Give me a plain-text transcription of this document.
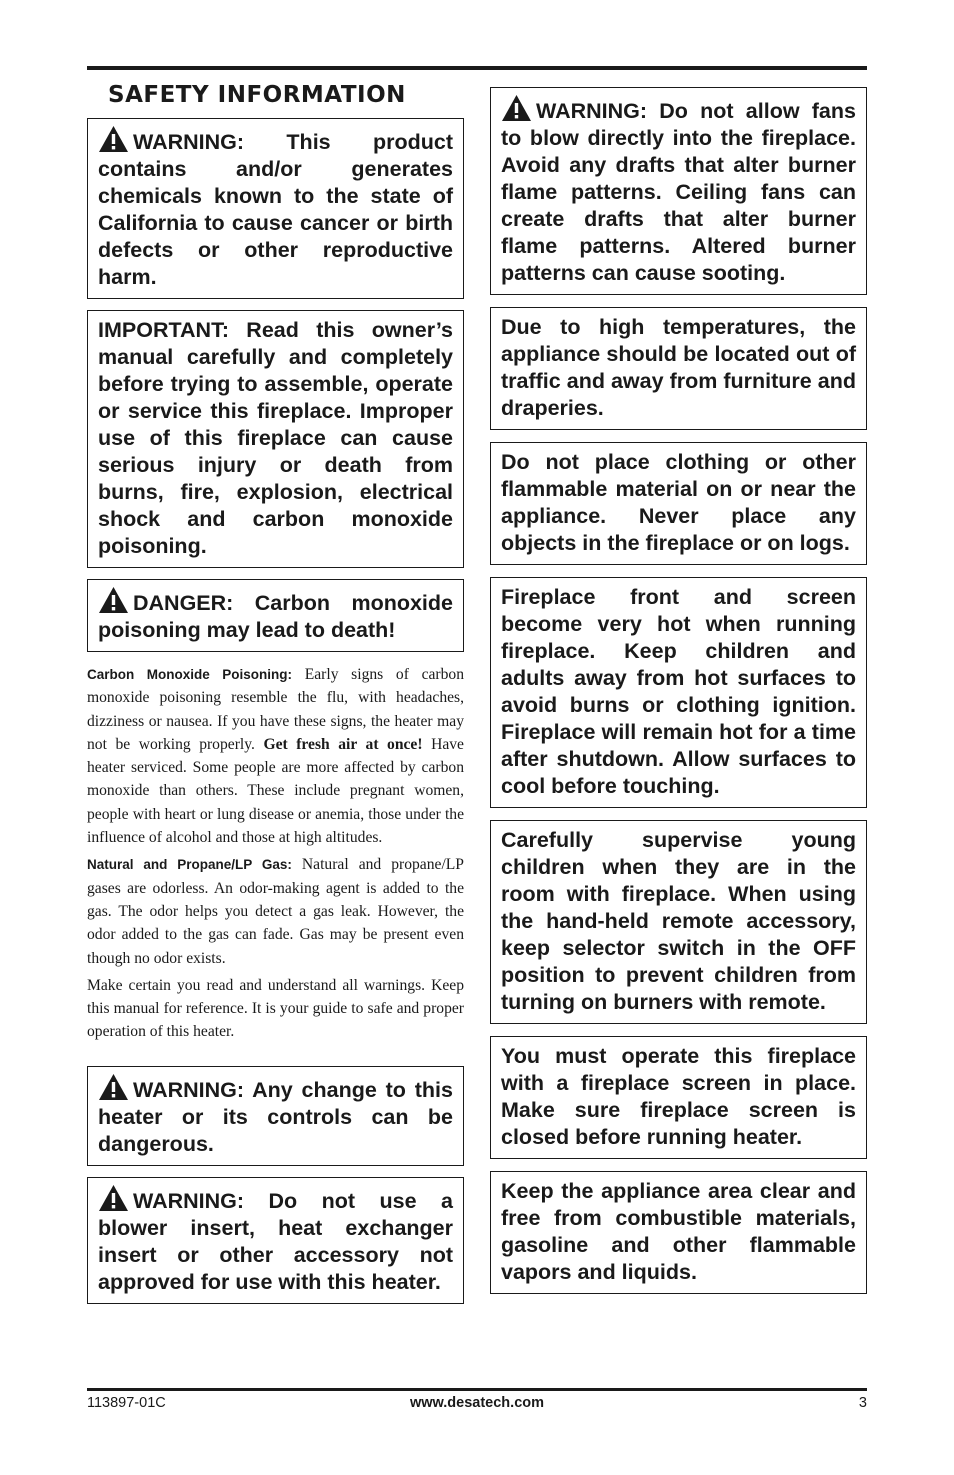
SAFETY INFORMATION
WARNING: This product contains and/or generates chemicals known to the state of California to cause cancer or birth defects or other reproductive harm.
IMPORTANT: Read this owner’s manual carefully and completely before trying to assemble, operate or service this fireplace. Improper use of this fireplace can cause serious injury or death from burns, fire, explosion, electrical shock and carbon monoxide poisoning.
DANGER: Carbon monoxide poisoning may lead to death!

Carbon Monoxide Poisoning: Early signs of carbon monoxide poisoning resemble the flu, with headaches, dizziness or nausea. If you have these signs, the heater may not be working properly. Get fresh air at once! Have heater serviced. Some people are more affected by carbon monoxide than others. These include pregnant women, people with heart or lung disease or anemia, those under the influence of alcohol and those at high altitudes.

Natural and Propane/LP Gas: Natural and propane/LP gases are odorless. An odor-making agent is added to the gas. The odor helps you detect a gas leak. However, the odor added to the gas can fade. Gas may be present even though no odor exists.

Make certain you read and understand all warnings. Keep this manual for reference. It is your guide to safe and proper operation of this heater.

WARNING: Any change to this heater or its controls can be dangerous.
WARNING: Do not use a blower insert, heat exchanger insert or other accessory not approved for use with this heater.
WARNING: Do not allow fans to blow directly into the fireplace. Avoid any drafts that alter burner flame patterns. Ceiling fans can create drafts that alter burner flame patterns. Altered burner patterns can cause sooting.
Due to high temperatures, the appliance should be located out of traffic and away from furniture and draperies.
Do not place clothing or other flammable material on or near the appliance. Never place any objects in the fireplace or on logs.
Fireplace front and screen become very hot when running fireplace. Keep children and adults away from hot surfaces to avoid burns or clothing ignition. Fireplace will remain hot for a time after shutdown. Allow surfaces to cool before touching.
Carefully supervise young children when they are in the room with fireplace. When using the hand-held remote accessory, keep selector switch in the OFF position to prevent children from turning on burners with remote.
You must operate this fireplace with a fireplace screen in place. Make sure fireplace screen is closed before running heater.
Keep the appliance area clear and free from combustible materials, gasoline and other flammable vapors and liquids.
113897-01C	www.desatech.com	3
